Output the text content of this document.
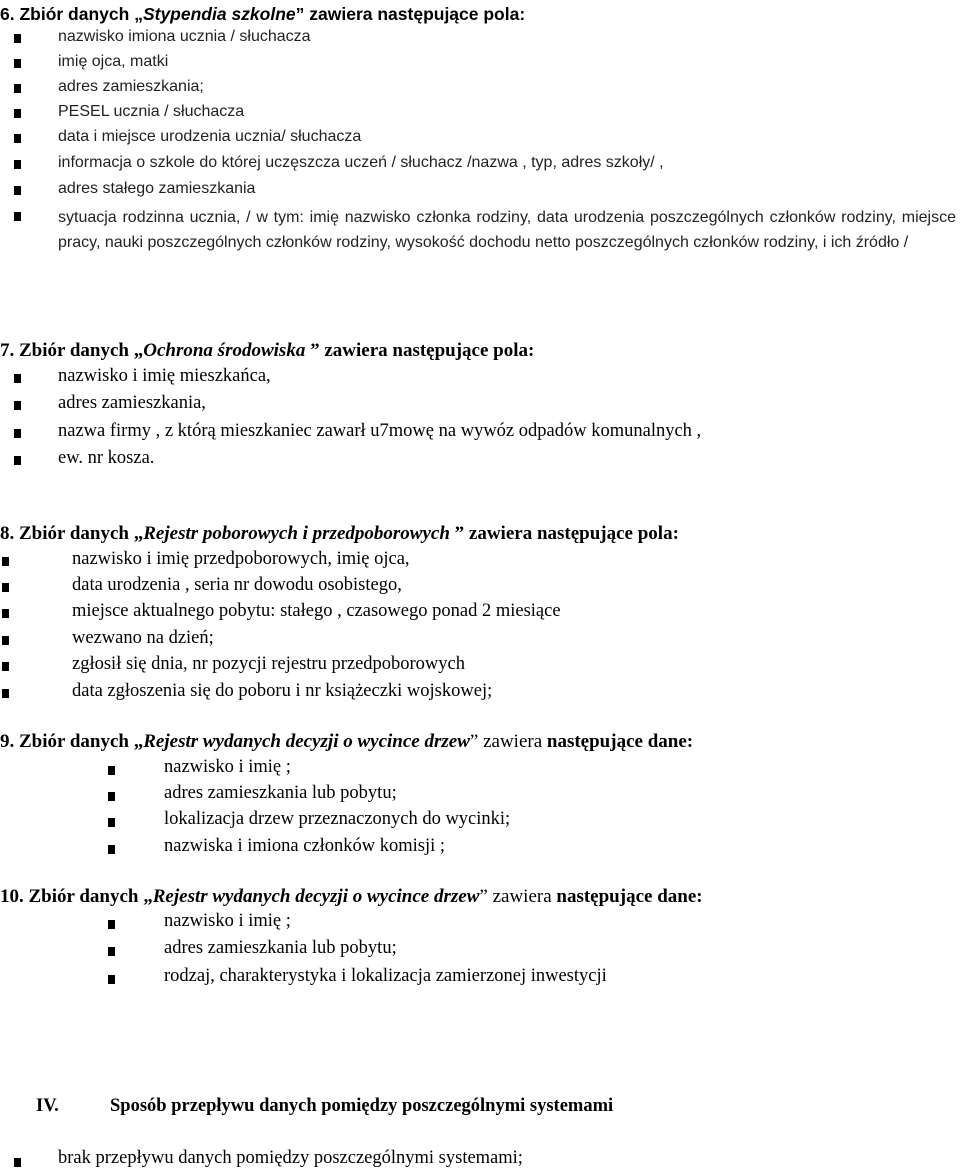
6. Zbiór danych „Stypendia szkolne” zawiera następujące pola:
nazwisko imiona ucznia / słuchacza
imię ojca, matki
adres zamieszkania;
PESEL ucznia / słuchacza
data i miejsce urodzenia ucznia/ słuchacza
informacja o szkole do której uczęszcza uczeń / słuchacz /nazwa , typ, adres szkoły/ ,
adres stałego zamieszkania
sytuacja rodzinna ucznia, / w tym: imię nazwisko członka rodziny, data urodzenia poszczególnych członków rodziny, miejsce pracy, nauki poszczególnych członków rodziny, wysokość dochodu netto poszczególnych członków rodziny, i ich źródło /
7. Zbiór danych „Ochrona środowiska ” zawiera następujące pola:
nazwisko i imię mieszkańca,
adres zamieszkania,
nazwa firmy , z którą mieszkaniec zawarł u7mowę na wywóz odpadów komunalnych ,
ew. nr kosza.
8. Zbiór danych „Rejestr poborowych i przedpoborowych ” zawiera następujące pola:
nazwisko i imię przedpoborowych, imię ojca,
data urodzenia , seria nr dowodu osobistego,
miejsce aktualnego pobytu: stałego , czasowego ponad 2 miesiące
wezwano na dzień;
zgłosił się dnia, nr pozycji rejestru przedpoborowych
data zgłoszenia się do poboru i nr książeczki wojskowej;
9. Zbiór danych „Rejestr wydanych decyzji o wycince drzew” zawiera następujące dane:
nazwisko i imię ;
adres zamieszkania lub pobytu;
lokalizacja drzew przeznaczonych do wycinki;
nazwiska i imiona członków komisji ;
10. Zbiór danych „Rejestr wydanych decyzji o wycince drzew” zawiera następujące dane:
nazwisko i imię ;
adres zamieszkania lub pobytu;
rodzaj, charakterystyka i lokalizacja zamierzonej inwestycji
IV.	Sposób przepływu danych pomiędzy poszczególnymi systemami
brak przepływu danych pomiędzy poszczególnymi systemami;
